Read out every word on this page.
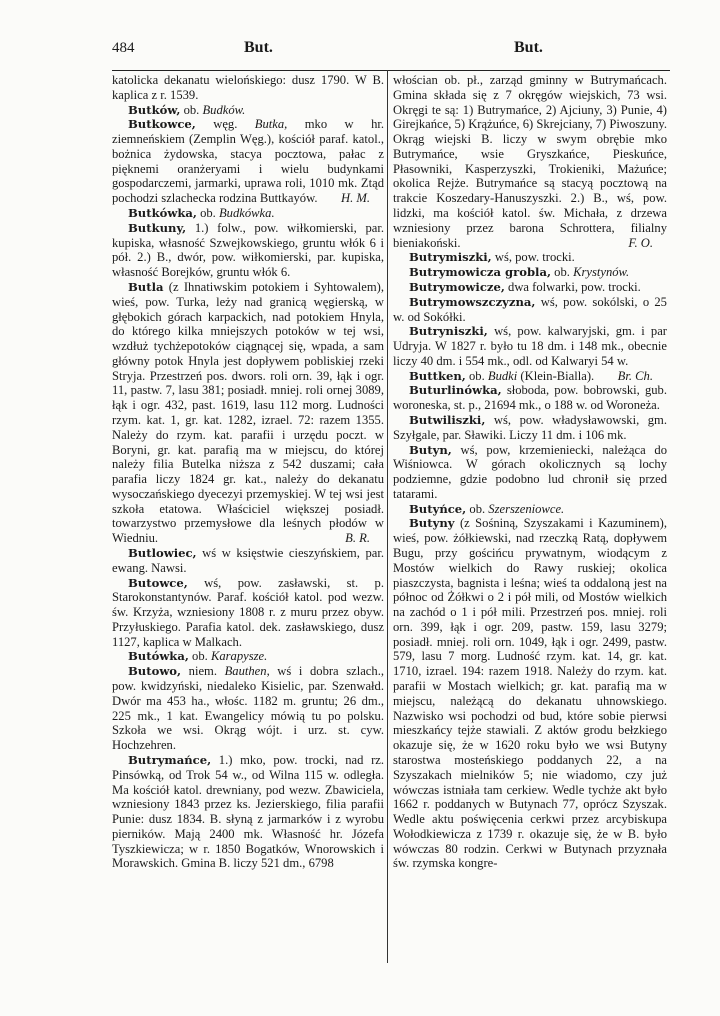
484	But.	But.

katolicka dekanatu wielońskiego: dusz 1790. W B. kaplica z r. 1539.

Butków, ob. Budków.

Butkowce, węg. Butka, mko w hr. ziemneńskiem (Zemplin Węg.), kościół paraf. katol., bożnica żydowska, stacya pocztowa, pałac z pięknemi oranżeryami i wielu budynkami gospodarczemi, jarmarki, uprawa roli, 1010 mk. Ztąd pochodzi szlachecka rodzina Buttkayów.	H. M.

Butkówka, ob. Budkówka.

Butkuny, 1.) folw., pow. wiłkomierski, par. kupiska, własność Szwejkowskiego, gruntu włók 6 i pół. 2.) B., dwór, pow. wiłkomierski, par. kupiska, własność Borejków, gruntu włók 6.

Butla (z Ihnatiwskim potokiem i Syhtowalem), wieś, pow. Turka, leży nad granicą węgierską, w głębokich górach karpackich, nad potokiem Hnyla, do którego kilka mniejszych potoków w tej wsi, wzdłuż tychżepotoków ciągnącej się, wpada, a sam główny potok Hnyla jest dopływem pobliskiej rzeki Stryja. Przestrzeń pos. dwors. roli orn. 39, łąk i ogr. 11, pastw. 7, lasu 381; posiadł. mniej. roli ornej 3089, łąk i ogr. 432, past. 1619, lasu 112 morg. Ludności rzym. kat. 1, gr. kat. 1282, izrael. 72: razem 1355. Należy do rzym. kat. parafii i urzędu poczt. w Boryni, gr. kat. parafią ma w miejscu, do której należy filia Butelka niższa z 542 duszami; cała parafia liczy 1824 gr. kat., należy do dekanatu wysoczańskiego dyecezyi przemyskiej. W tej wsi jest szkoła etatowa. Właściciel większej posiadł. towarzystwo przemysłowe dla leśnych płodów w Wiedniu.	B. R.

Butlowiec, wś w księstwie cieszyńskiem, par. ewang. Nawsi.

Butowce, wś, pow. zasławski, st. p. Starokonstantynów. Paraf. kościół katol. pod wezw. św. Krzyża, wzniesiony 1808 r. z muru przez obyw. Przyłuskiego. Parafia katol. dek. zasławskiego, dusz 1127, kaplica w Malkach.

Butówka, ob. Karapysze.

Butowo, niem. Bauthen, wś i dobra szlach., pow. kwidzyński, niedaleko Kisielic, par. Szenwałd. Dwór ma 453 ha., włośc. 1182 m. gruntu; 26 dm., 225 mk., 1 kat. Ewangelicy mówią tu po polsku. Szkoła we wsi. Okrąg wójt. i urz. st. cyw. Hochzehren.

Butrymańce, 1.) mko, pow. trocki, nad rz. Pinsówką, od Trok 54 w., od Wilna 115 w. odległa. Ma kościół katol. drewniany, pod wezw. Zbawiciela, wzniesiony 1843 przez ks. Jezierskiego, filia parafii Punie: dusz 1834. B. słyną z jarmarków i z wyrobu pierników. Mają 2400 mk. Własność hr. Józefa Tyszkiewicza; w r. 1850 Bogatków, Wnorowskich i Morawskich. Gmina B. liczy 521 dm., 6798

włościan ob. pł., zarząd gminny w Butrymańcach. Gmina składa się z 7 okręgów wiejskich, 73 wsi. Okręgi te są: 1) Butrymańce, 2) Ajciuny, 3) Punie, 4) Girejkańce, 5) Krążuńce, 6) Skrejciany, 7) Piwoszuny. Okrąg wiejski B. liczy w swym obrębie mko Butrymańce, wsie Gryszkańce, Pieskuńce, Płasowniki, Kasperzyszki, Trokieniki, Mażuńce; okolica Rejże. Butrymańce są stacyą pocztową na trakcie Koszedary-Hanuszyszki. 2.) B., wś, pow. lidzki, ma kościół katol. św. Michała, z drzewa wzniesiony przez barona Schrottera, filialny bieniakoński.	F. O.

Butrymiszki, wś, pow. trocki.

Butrymowicza grobla, ob. Krystynów.

Butrymowicze, dwa folwarki, pow. trocki.

Butrymowszczyzna, wś, pow. sokólski, o 25 w. od Sokółki.

Butryniszki, wś, pow. kalwaryjski, gm. i par Udryja. W 1827 r. było tu 18 dm. i 148 mk., obecnie liczy 40 dm. i 554 mk., odl. od Kalwaryi 54 w.
Br. Ch.

Buttken, ob. Budki (Klein-Bialla).

Buturlinówka, słoboda, pow. bobrowski, gub. woroneska, st. p., 21694 mk., o 188 w. od Woroneża.

Butwiliszki, wś, pow. władysławowski, gm. Szyłgale, par. Sławiki. Liczy 11 dm. i 106 mk.

Butyn, wś, pow, krzemieniecki, należąca do Wiśniowca. W górach okolicznych są lochy podziemne, gdzie podobno lud chronił się przed tatarami.

Butyńce, ob. Szerszeniowce.

Butyny (z Sośniną, Szyszakami i Kazuminem), wieś, pow. żółkiewski, nad rzeczką Ratą, dopływem Bugu, przy gościńcu prywatnym, wiodącym z Mostów wielkich do Rawy ruskiej; okolica piaszczysta, bagnista i leśna; wieś ta oddaloną jest na północ od Żółkwi o 2 i pół mili, od Mostów wielkich na zachód o 1 i pół mili. Przestrzeń pos. mniej. roli orn. 399, łąk i ogr. 209, pastw. 159, lasu 3279; posiadł. mniej. roli orn. 1049, łąk i ogr. 2499, pastw. 579, lasu 7 morg. Ludność rzym. kat. 14, gr. kat. 1710, izrael. 194: razem 1918. Należy do rzym. kat. parafii w Mostach wielkich; gr. kat. parafią ma w miejscu, należącą do dekanatu uhnowskiego. Nazwisko wsi pochodzi od bud, które sobie pierwsi mieszkańcy tejże stawiali. Z aktów grodu bełzkiego okazuje się, że w 1620 roku było we wsi Butyny starostwa mosteńskiego poddanych 22, a na Szyszakach mielników 5; nie wiadomo, czy już wówczas istniała tam cerkiew. Wedle tychże akt było 1662 r. poddanych w Butynach 77, oprócz Szyszak. Wedle aktu poświęcenia cerkwi przez arcybiskupa Wołodkiewicza z 1739 r. okazuje się, że w B. było wówczas 80 rodzin. Cerkwi w Butynach przyznała św. rzymska kongre-
